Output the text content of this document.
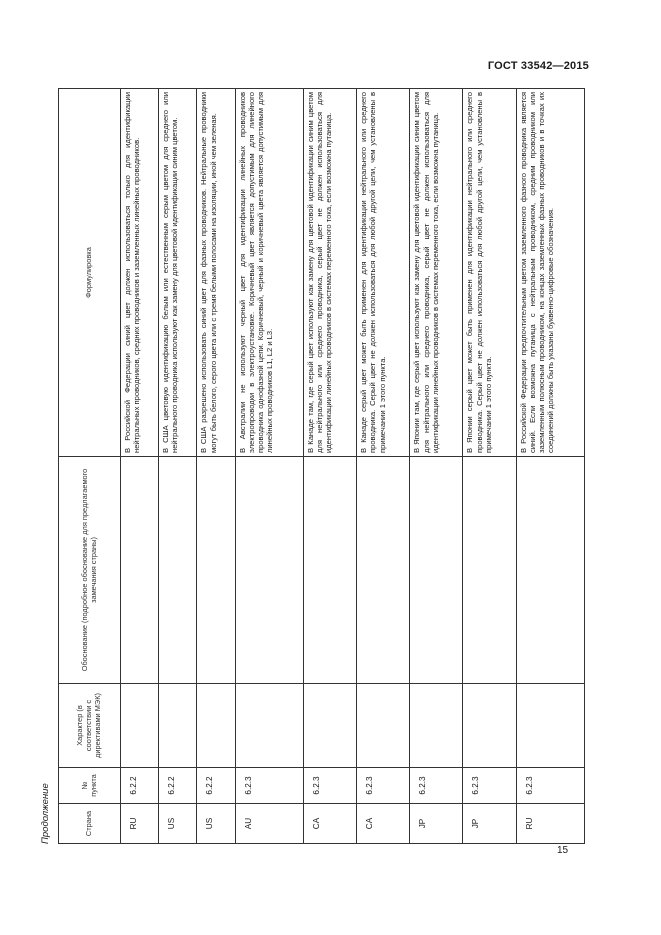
ГОСТ 33542—2015
Продолжение	Страна	№ пункта	Характер (в соответствии с директивами МЭК)	Обоснование (подробное обоснование для предлагаемого замечания страны)	Формулировка
RU	6.2.2			В Российской Федерации синий цвет должен использоваться только для идентификации нейтральных проводников, средних проводников и заземленных линейных проводников.
US	6.2.2			В США цветовую идентификацию белым или естественным серым цветом для среднего или нейтрального проводника используют как замену для цветовой идентификации синим цветом.
US	6.2.2			В США разрешено использовать синий цвет для фазных проводников. Нейтральные проводники могут быть белого, серого цвета или с тремя белыми полосами на изоляции, иной чем зеленая.
AU	6.2.3			В Австралии не используют черный цвет для идентификации линейных проводников электропроводки в электроустановке. Коричневый цвет является допустимым для линейного проводника однофазной цепи. Коричневый, черный и коричневый цвета является допустимым для линейных проводников L1, L2 и L3.
CA	6.2.3			В Канаде там, где серый цвет используют как замену для цветовой идентификации синим цветом для нейтрального или среднего проводника, серый цвет не должен использоваться для идентификации линейных проводников в системах переменного тока, если возможна путаница.
CA	6.2.3			В Канаде серый цвет может быть применен для идентификации нейтрального или среднего проводника. Серый цвет не должен использоваться для любой другой цели, чем установлены в примечании 1 этого пункта.
JP	6.2.3			В Японии там, где серый цвет используют как замену для цветовой идентификации синим цветом для нейтрального или среднего проводника, серый цвет не должен использоваться для идентификации линейных проводников в системах переменного тока, если возможна путаница.
JP	6.2.3			В Японии серый цвет может быть применен для идентификации нейтрального или среднего проводника. Серый цвет не должен использоваться для любой другой цели, чем установлены в примечании 1 этого пункта.
RU	6.2.3			В Российской Федерации предпочтительным цветом заземленного фазного проводника является синий. Если возможна путаница с нейтральным проводником, средним проводником или заземленным полюсным проводником, на концах заземленных фазных проводников и в точках их соединений должны быть указаны буквенно-цифровые обозначения.
15
